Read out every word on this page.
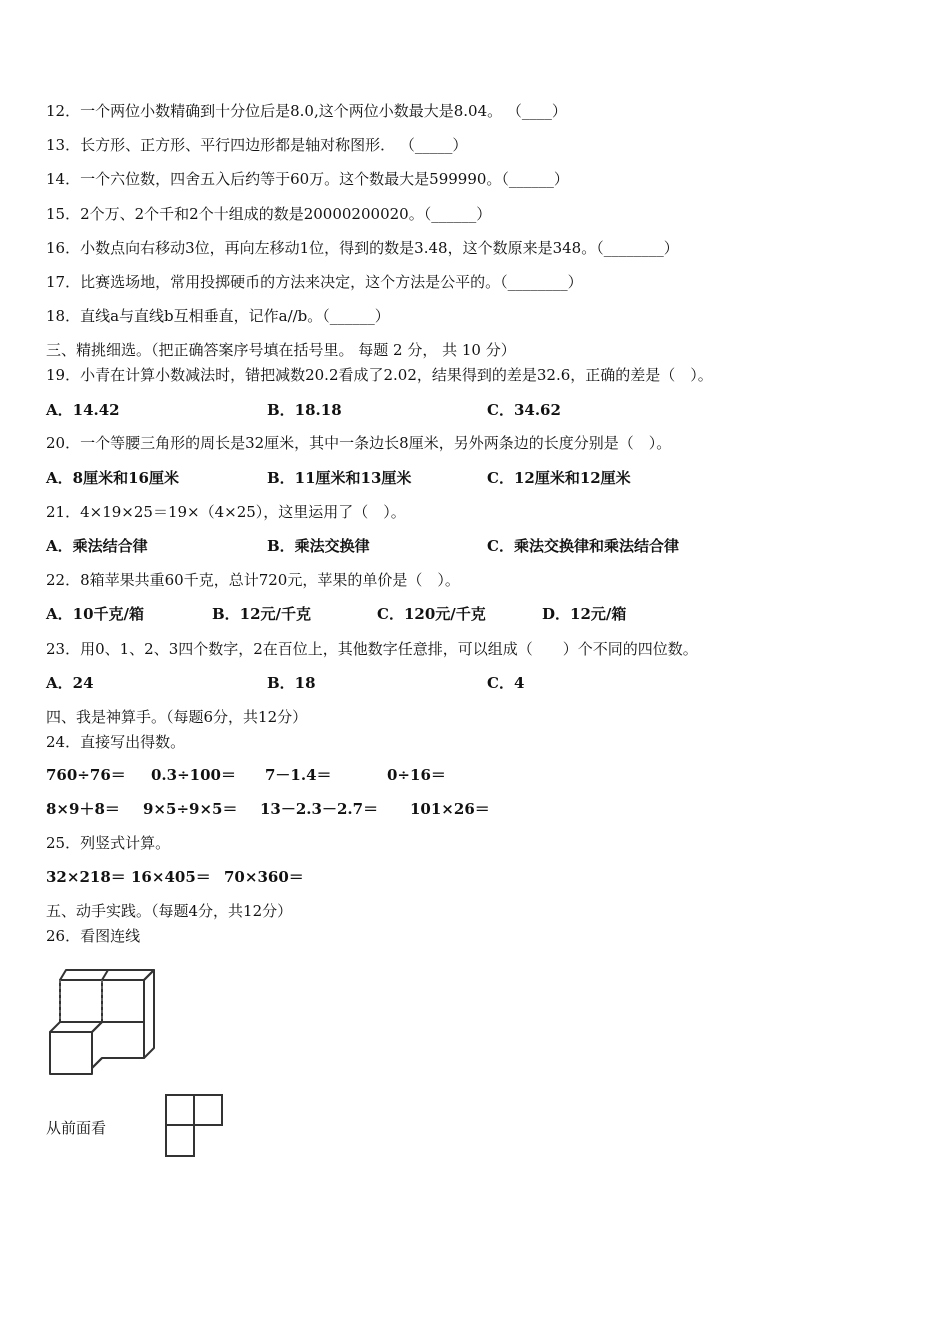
12．一个两位小数精确到十分位后是8.0,这个两位小数最大是8.04。 （____）
13．长方形、正方形、平行四边形都是轴对称图形． （_____）
14．一个六位数，四舍五入后约等于60万。这个数最大是599990。（______）
15．2个万、2个千和2个十组成的数是20000200020。（______）
16．小数点向右移动3位，再向左移动1位，得到的数是3.48，这个数原来是348。（________）
17．比赛选场地，常用投掷硬币的方法来决定，这个方法是公平的。（________）
18．直线a与直线b互相垂直，记作a//b。（______）
三、精挑细选。（把正确答案序号填在括号里。 每题 2 分， 共 10 分）
19．小青在计算小数减法时，错把减数20.2看成了2.02，结果得到的差是32.6，正确的差是（　）。
A．14.42	B．18.18	C．34.62
20．一个等腰三角形的周长是32厘米，其中一条边长8厘米，另外两条边的长度分别是（　）。
A．8厘米和16厘米	B．11厘米和13厘米	C．12厘米和12厘米
21．4×19×25＝19×（4×25），这里运用了（　）。
A．乘法结合律	B．乘法交换律	C．乘法交换律和乘法结合律
22．8箱苹果共重60千克，总计720元，苹果的单价是（　）。
A．10千克/箱	B．12元/千克	C．120元/千克	D．12元/箱
23．用0、1、2、3四个数字，2在百位上，其他数字任意排，可以组成（　　）个不同的四位数。
A．24	B．18	C．4
四、我是神算手。（每题6分，共12分）
24．直接写出得数。
760÷76＝ 0.3÷100＝ 7－1.4＝	0÷16＝
8×9＋8＝ 9×5÷9×5＝ 13－2.3－2.7＝ 101×26＝
25．列竖式计算。
32×218＝ 16×405＝ 70×360＝
五、动手实践。（每题4分，共12分）
26．看图连线
从前面看
